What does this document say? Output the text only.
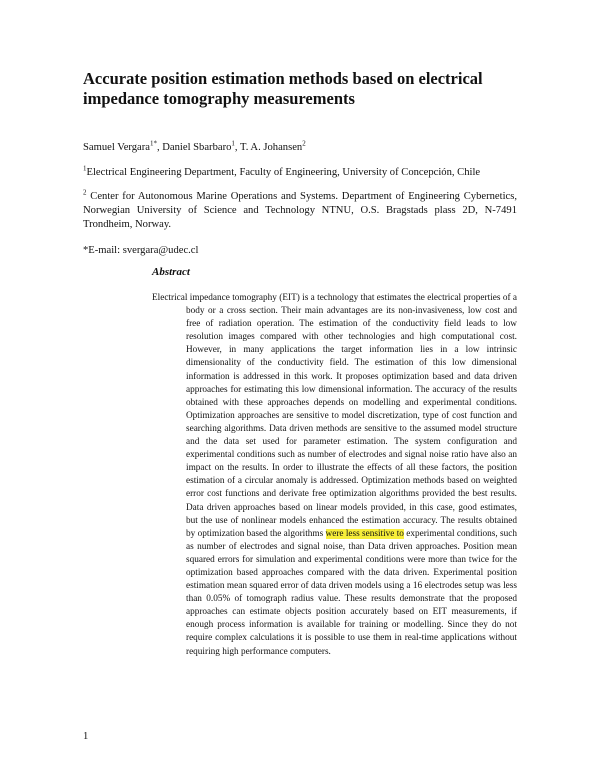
Accurate position estimation methods based on electrical impedance tomography measurements
Samuel Vergara$^{1*}$, Daniel Sbarbaro$^1$, T. A. Johansen$^2$
$^1$Electrical Engineering Department, Faculty of Engineering, University of Concepción, Chile
$^2$ Center for Autonomous Marine Operations and Systems. Department of Engineering Cybernetics, Norwegian University of Science and Technology NTNU, O.S. Bragstads plass 2D, N-7491 Trondheim, Norway.
*E-mail: svergara@udec.cl
Abstract

Electrical impedance tomography (EIT) is a technology that estimates the electrical properties of a body or a cross section. Their main advantages are its non-invasiveness, low cost and free of radiation operation. The estimation of the conductivity field leads to low resolution images compared with other technologies and high computational cost. However, in many applications the target information lies in a low intrinsic dimensionality of the conductivity field. The estimation of this low dimensional information is addressed in this work. It proposes optimization based and data driven approaches for estimating this low dimensional information. The accuracy of the results obtained with these approaches depends on modelling and experimental conditions. Optimization approaches are sensitive to model discretization, type of cost function and searching algorithms. Data driven methods are sensitive to the assumed model structure and the data set used for parameter estimation. The system configuration and experimental conditions such as number of electrodes and signal noise ratio have also an impact on the results. In order to illustrate the effects of all these factors, the position estimation of a circular anomaly is addressed. Optimization methods based on weighted error cost functions and derivate free optimization algorithms provided the best results. Data driven approaches based on linear models provided, in this case, good estimates, but the use of nonlinear models enhanced the estimation accuracy. The results obtained by optimization based the algorithms were less sensitive to experimental conditions, such as number of electrodes and signal noise, than Data driven approaches. Position mean squared errors for simulation and experimental conditions were more than twice for the optimization based approaches compared with the data driven. Experimental position estimation mean squared error of data driven models using a 16 electrodes setup was less than 0.05% of tomograph radius value. These results demonstrate that the proposed approaches can estimate objects position accurately based on EIT measurements, if enough process information is available for training or modelling. Since they do not require complex calculations it is possible to use them in real-time applications without requiring high performance computers.

1
